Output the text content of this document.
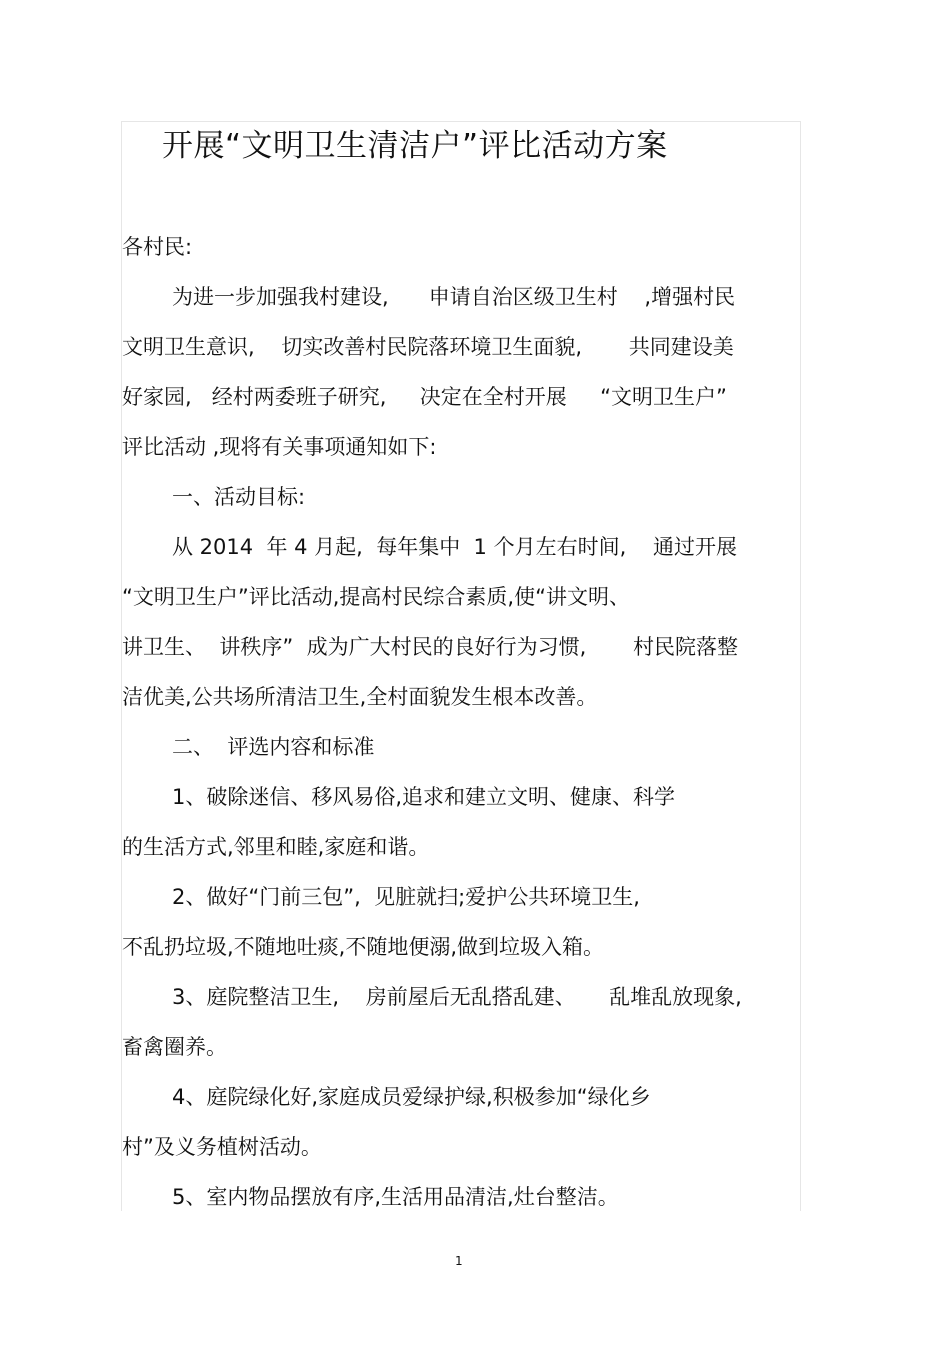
开展“文明卫生清洁户”评比活动方案
各村民:
为进一步加强我村建设,      申请自治区级卫生村    ,增强村民
文明卫生意识,    切实改善村民院落环境卫生面貌,       共同建设美
好家园,   经村两委班子研究,     决定在全村开展     “文明卫生户”
评比活动 ,现将有关事项通知如下:
一、活动目标:
从 2014  年 4 月起,  每年集中  1 个月左右时间,    通过开展
“文明卫生户”评比活动,提高村民综合素质,使“讲文明、
讲卫生、  讲秩序”  成为广大村民的良好行为习惯,       村民院落整
洁优美,公共场所清洁卫生,全村面貌发生根本改善。
二、  评选内容和标准
1、破除迷信、移风易俗,追求和建立文明、健康、科学
的生活方式,邻里和睦,家庭和谐。
2、做好“门前三包”,  见脏就扫;爱护公共环境卫生,
不乱扔垃圾,不随地吐痰,不随地便溺,做到垃圾入箱。
3、庭院整洁卫生,    房前屋后无乱搭乱建、     乱堆乱放现象,
畜禽圈养。
4、庭院绿化好,家庭成员爱绿护绿,积极参加“绿化乡
村”及义务植树活动。
5、室内物品摆放有序,生活用品清洁,灶台整洁。
1
